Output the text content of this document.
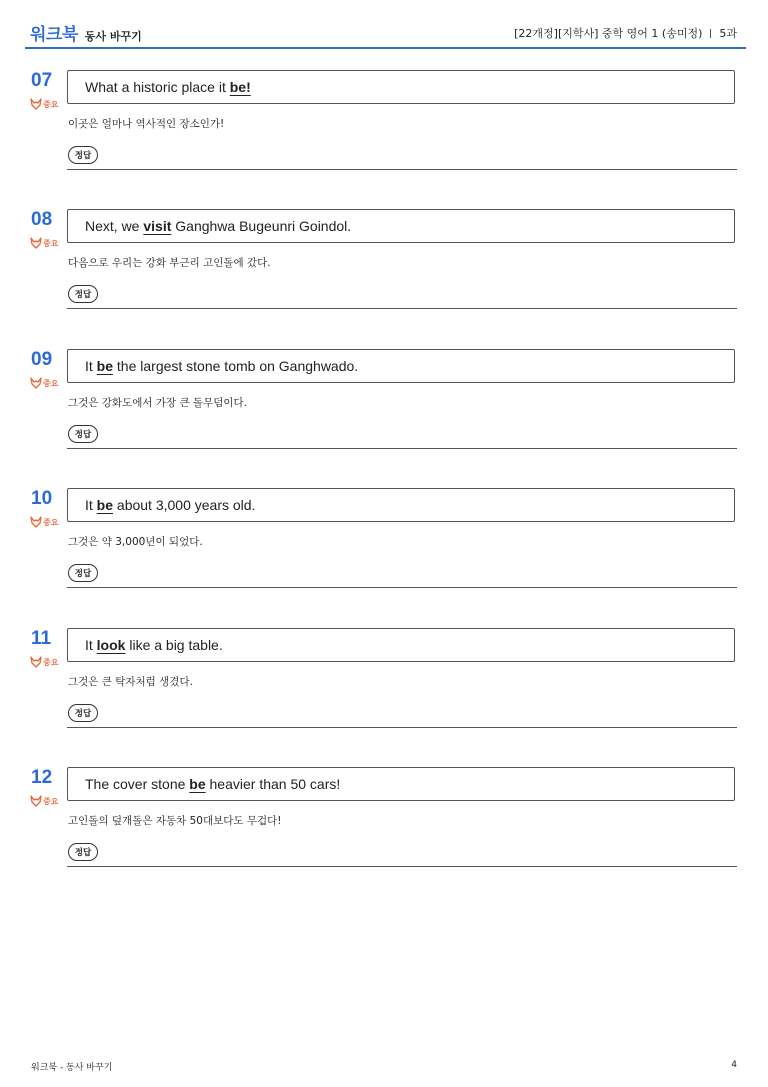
워크북 동사 바꾸기	[22개정][지학사] 중학 영어 1 (송미정) 5과
07
중요
What a historic place it be!
이곳은 얼마나 역사적인 장소인가!
정답
08
중요
Next, we visit Ganghwa Bugeunri Goindol.
다음으로 우리는 강화 부근리 고인돌에 갔다.
정답
09
중요
It be the largest stone tomb on Ganghwado.
그것은 강화도에서 가장 큰 돌무덤이다.
정답
10
중요
It be about 3,000 years old.
그것은 약 3,000년이 되었다.
정답
11
중요
It look like a big table.
그것은 큰 탁자처럼 생겼다.
정답
12
중요
The cover stone be heavier than 50 cars!
고인돌의 덮개돌은 자동차 50대보다도 무겁다!
정답
워크북 - 동사 바꾸기	4
